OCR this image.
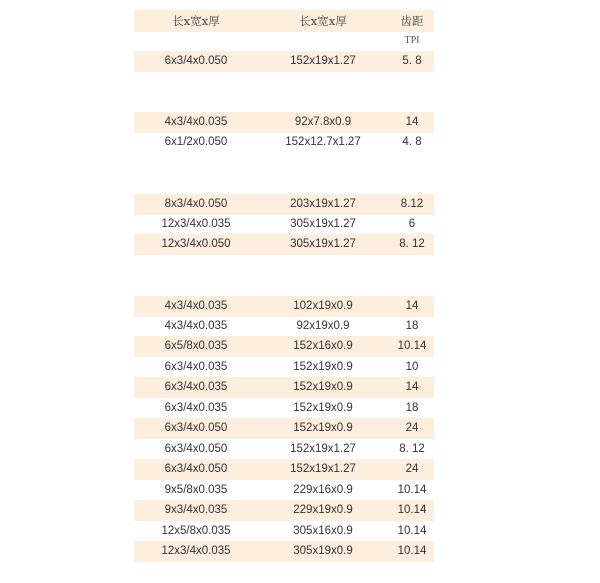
长x宽x厚	长x宽x厚	齿距
TPI
6x3/4x0.050	152x19x1.27	5. 8
4x3/4x0.035	92x7.8x0.9	14
6x1/2x0.050	152x12.7x1.27	4. 8
8x3/4x0.050	203x19x1.27	8.12
12x3/4x0.035	305x19x1.27	6
12x3/4x0.050	305x19x1.27	8. 12
4x3/4x0.035	102x19x0.9	14
4x3/4x0.035	92x19x0.9	18
6x5/8x0.035	152x16x0.9	10.14
6x3/4x0.035	152x19x0.9	10
6x3/4x0.035	152x19x0.9	14
6x3/4x0.035	152x19x0.9	18
6x3/4x0.050	152x19x0.9	24
6x3/4x0.050	152x19x1.27	8. 12
6x3/4x0.050	152x19x1.27	24
9x5/8x0.035	229x16x0.9	10.14
9x3/4x0.035	229x19x0.9	10.14
12x5/8x0.035	305x16x0.9	10.14
12x3/4x0.035	305x19x0.9	10.14
